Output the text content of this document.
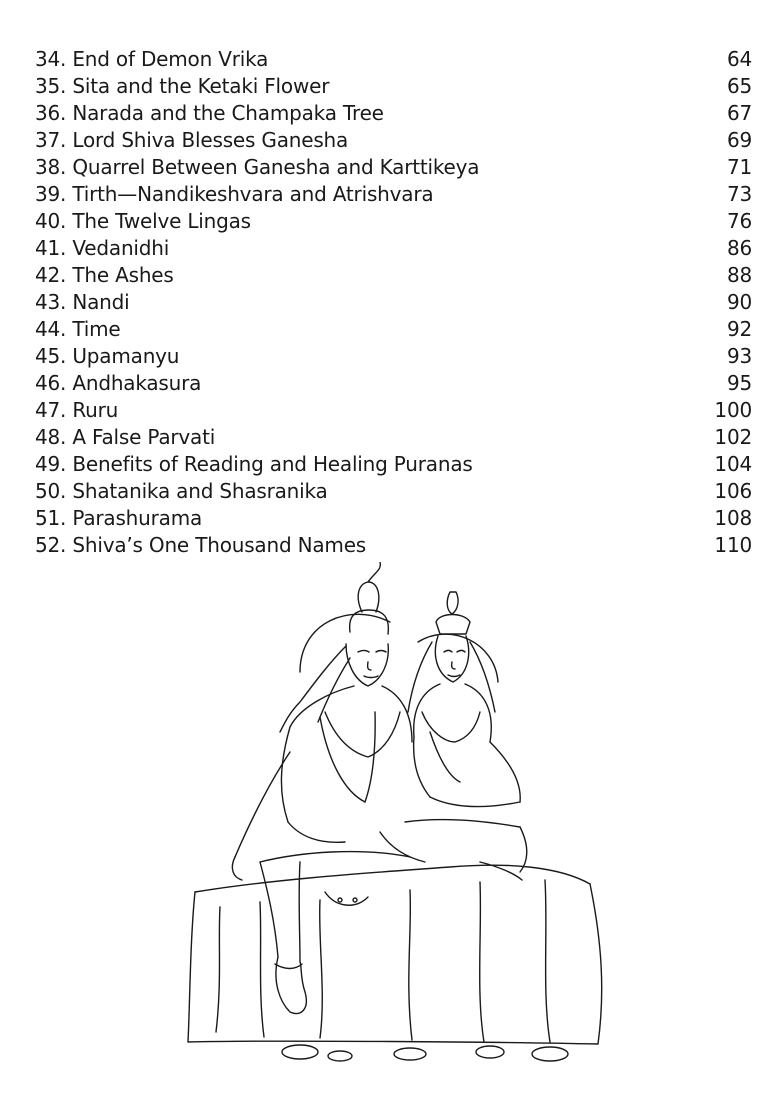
34. End of Demon Vrika	64
35. Sita and the Ketaki Flower	65
36. Narada and the Champaka Tree	67
37. Lord Shiva Blesses Ganesha	69
38. Quarrel Between Ganesha and Karttikeya	71
39. Tirth—Nandikeshvara and Atrishvara	73
40. The Twelve Lingas	76
41. Vedanidhi	86
42. The Ashes	88
43. Nandi	90
44. Time	92
45. Upamanyu	93
46. Andhakasura	95
47. Ruru	100
48. A False Parvati	102
49. Benefits of Reading and Healing Puranas	104
50. Shatanika and Shasranika	106
51. Parashurama	108
52. Shiva’s One Thousand Names	110
